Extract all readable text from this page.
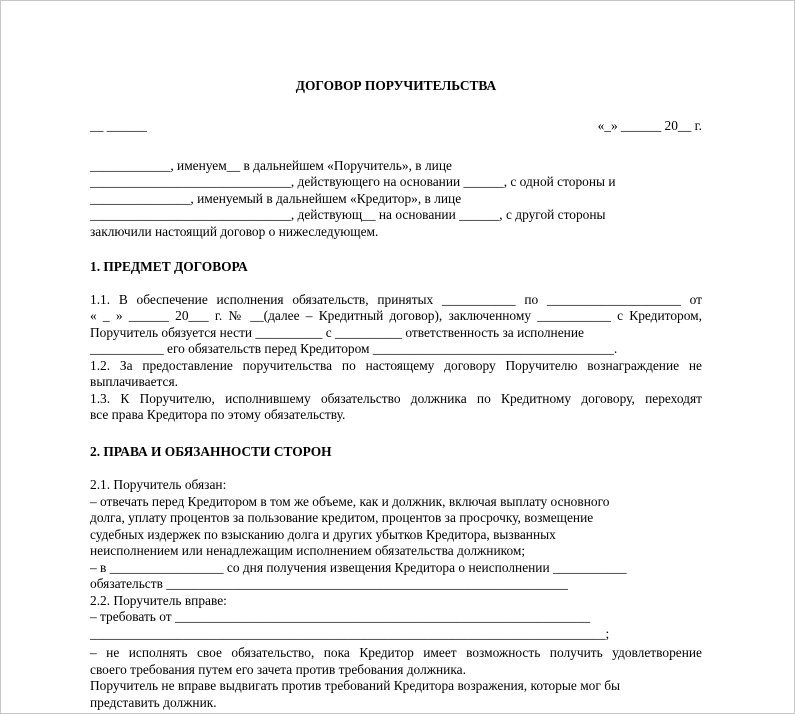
ДОГОВОР ПОРУЧИТЕЛЬСТВА
__ ______	«_» ______ 20__ г.
____________, именуем__ в дальнейшем «Поручитель», в лице
______________________________, действующего на основании ______, с одной стороны и
_______________, именуемый в дальнейшем «Кредитор», в лице
______________________________, действующ__ на основании ______, с другой стороны
заключили настоящий договор о нижеследующем.
1. ПРЕДМЕТ ДОГОВОРА
1.1. В обеспечение исполнения обязательств, принятых ___________ по ____________________ от
« _ » ______ 20___ г. № __(далее – Кредитный договор), заключенному ___________ с Кредитором,
Поручитель обязуется нести __________ с __________ ответственность за исполнение
___________ его обязательств перед Кредитором ____________________________________.
1.2. За предоставление поручительства по настоящему договору Поручителю вознаграждение не
выплачивается.
1.3. К Поручителю, исполнившему обязательство должника по Кредитному договору, переходят
все права Кредитора по этому обязательству.
2. ПРАВА И ОБЯЗАННОСТИ СТОРОН
2.1. Поручитель обязан:
– отвечать перед Кредитором в том же объеме, как и должник, включая выплату основного
долга, уплату процентов за пользование кредитом, процентов за просрочку, возмещение
судебных издержек по взысканию долга и других убытков Кредитора, вызванных
неисполнением или ненадлежащим исполнением обязательства должником;
– в _________________ со дня получения извещения Кредитора о неисполнении ___________
обязательств ____________________________________________________________
2.2. Поручитель вправе:
– требовать от ______________________________________________________________
_____________________________________________________________________________;
– не исполнять свое обязательство, пока Кредитор имеет возможность получить удовлетворение
своего требования путем его зачета против требования должника.
Поручитель не вправе выдвигать против требований Кредитора возражения, которые мог бы
представить должник.
